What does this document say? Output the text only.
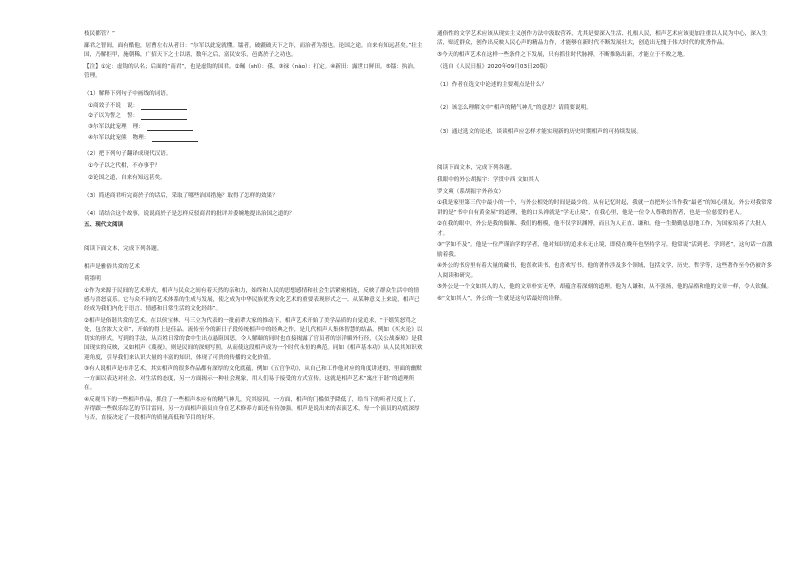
枝民都管？”

鄙君之智间，面有酷他，居曹左右从者曰：“尔军以此宠就懂。镭者，破疆破天下之诈，而治者为墨也。论国之途，自来有知远甚矣。”壮主国，乃解拒甲，施朝稀，广招天下之士以诸，数年之后，富民安乐，邑离於子之功也。

【注】①定：虚钩的认名；后面的“南君”，也是虚钩的国君。②珮（shǐ）：孫。③禄（nào）：打定。④新田：露世口鲜田。⑤镭：执治，管理。

（1）解释下列句子中画线的词语。

①商效子不说 说：
②子以为誓之 誓：
③尔军以此宠理 理：
④尔军以此宠熊 物理：

（2）把下列句子翻译成现代汉语。

①今子以之代柑，不亦事乎？

②论国之道，自来有知远甚矣。

（3）简述商君听完商於子的话后，采取了哪些治国措施？取得了怎样的效果？

（4）请结合这个故事，说说商於子是怎样反驳商君的批评并委婉地提出治国之道的？

五、现代文阅读

阅读下面文本，完成下列各题。

相声是雅俗共赏的艺术

荷墨明

①作为来源于民间的艺术形式，相声与民众之间有着天然的亲和力，始终和人民的思想感情和社会生活紧密相连，反映了群众生活中的情感与喜怒哀乐。它与众不同的艺术体系的生成与发展，使之成为中华民族优秀文化艺术的重要表现形式之一。从某种意义上来说，相声已经成为我们内化于语言、情感和日常生活的文化经纬”。

②相声是俗谐共赏的艺术。在以侯宝林、马三立为代表的一批前辈大家的推动下，相声艺术开始了美学品质的自觉追求，“于嬉笑怒骂之处，包含浓大文章”，开始的得上是佳品。流传至今的新日子段传统相声中的经典之作，是几代相声人集体智慧的结晶。例如《买火论》以切实的形式，写到的手法，从百姓日常的食中生出点悬阻国思，令人解颐的同时也直接揭露了官员者的崇洋媚外行径，《关公战秦琼》是我国现实的反映，又如相声《蔑视》，则是民间的深刻写照，从而使这段相声成为一个时代永恒的典范。同如《相声基本功》从人民其知识欢迎角度，引导我们来认识大量的丰富的知识，体现了可贵的传播的文化价值。

③有人说相声是市井艺术，其实相声的很多作品都有深厚的文化底蕴，例如《五官争功》，从自己和工作他对应的角度讲述的，里面的幽默一方面以表达对社会、对生活的态度，另一方面揭示一种社会现象，用人们易于接受的方式宣传。这就是相声艺术“寓庄于谐”的道理所在。

④反观当下的一些相声作品，抓住了一些相声本应有的精气神儿，究其原因，一方面，相声的门槛似乎降低了，给当下的听者尺度上了，弄得跟一些娱乐综艺的节目雷同，另一方面相声演员自身在艺术修养方面还有待加强。相声是说出来的表演艺术，每一个演员的功底深厚与否，直接决定了一段相声的质量高低和节目的好坏。

通俗性的文学艺术应该从现实主义创作方法中汲取营养，尤其是要深入生活、扎根人民，相声艺术应该更加注重以人民为中心，深入生活，贴近群众，创作出反映人民心声的精品力作，才能够在新时代不断发展壮大，创造出无愧于伟大时代的优秀作品。

⑤今天的相声艺术在这样一些条件之下发展，只有抓住时代脉搏，不断推陈出新，才能立于不败之地。

（选自《人民日报》2020年09月03日20版）

（1）作者在选文中论述的主要观点是什么？

（2）该怎么理解文中“相声的精气神儿”的意思？请简要说明。

（3）通过选文的论述，谈谈相声应怎样才能实现新的历史时期相声的可持续发展。

阅读下面文本，完成下列各题。

我眼中的外公胡振宇：学贯中西 文如其人

罗文爽（系胡振宇外孙女）

①我是家里第三代中最小的一个，与外公相处的时间是最少的。从有记忆时起，我就一直把外公当作我“最老”的知心朋友。外公对我常常讲的是“书中自有黄金屋”的道理，他的口头禅就是“学无止境”，在我心里，他是一位令人尊敬的智者，也是一位慈爱的老人。

②在我的眼中，外公是我的偶像、我们的楷模，他不仅学识渊博，而且为人正直、谦和。他一生勤勤恳恳地工作，为国家培养了大批人才。

③“学如不及”。他是一位严谨治学的学者，他对知识的追求永无止境，即使在晚年也坚持学习，他常说“活到老、学到老”，这句话一直激励着我。

④外公的书房里有着大量的藏书，他喜欢读书，也喜欢写书。他的著作涉及多个领域，包括文学、历史、哲学等，这些著作至今仍被许多人阅读和研究。

⑤外公是一个文如其人的人，他的文章朴实无华，却蕴含着深刻的道理。他为人谦和，从不张扬，他的品格和他的文章一样，令人钦佩。

⑥“文如其人”，外公的一生就是这句话最好的诠释。
